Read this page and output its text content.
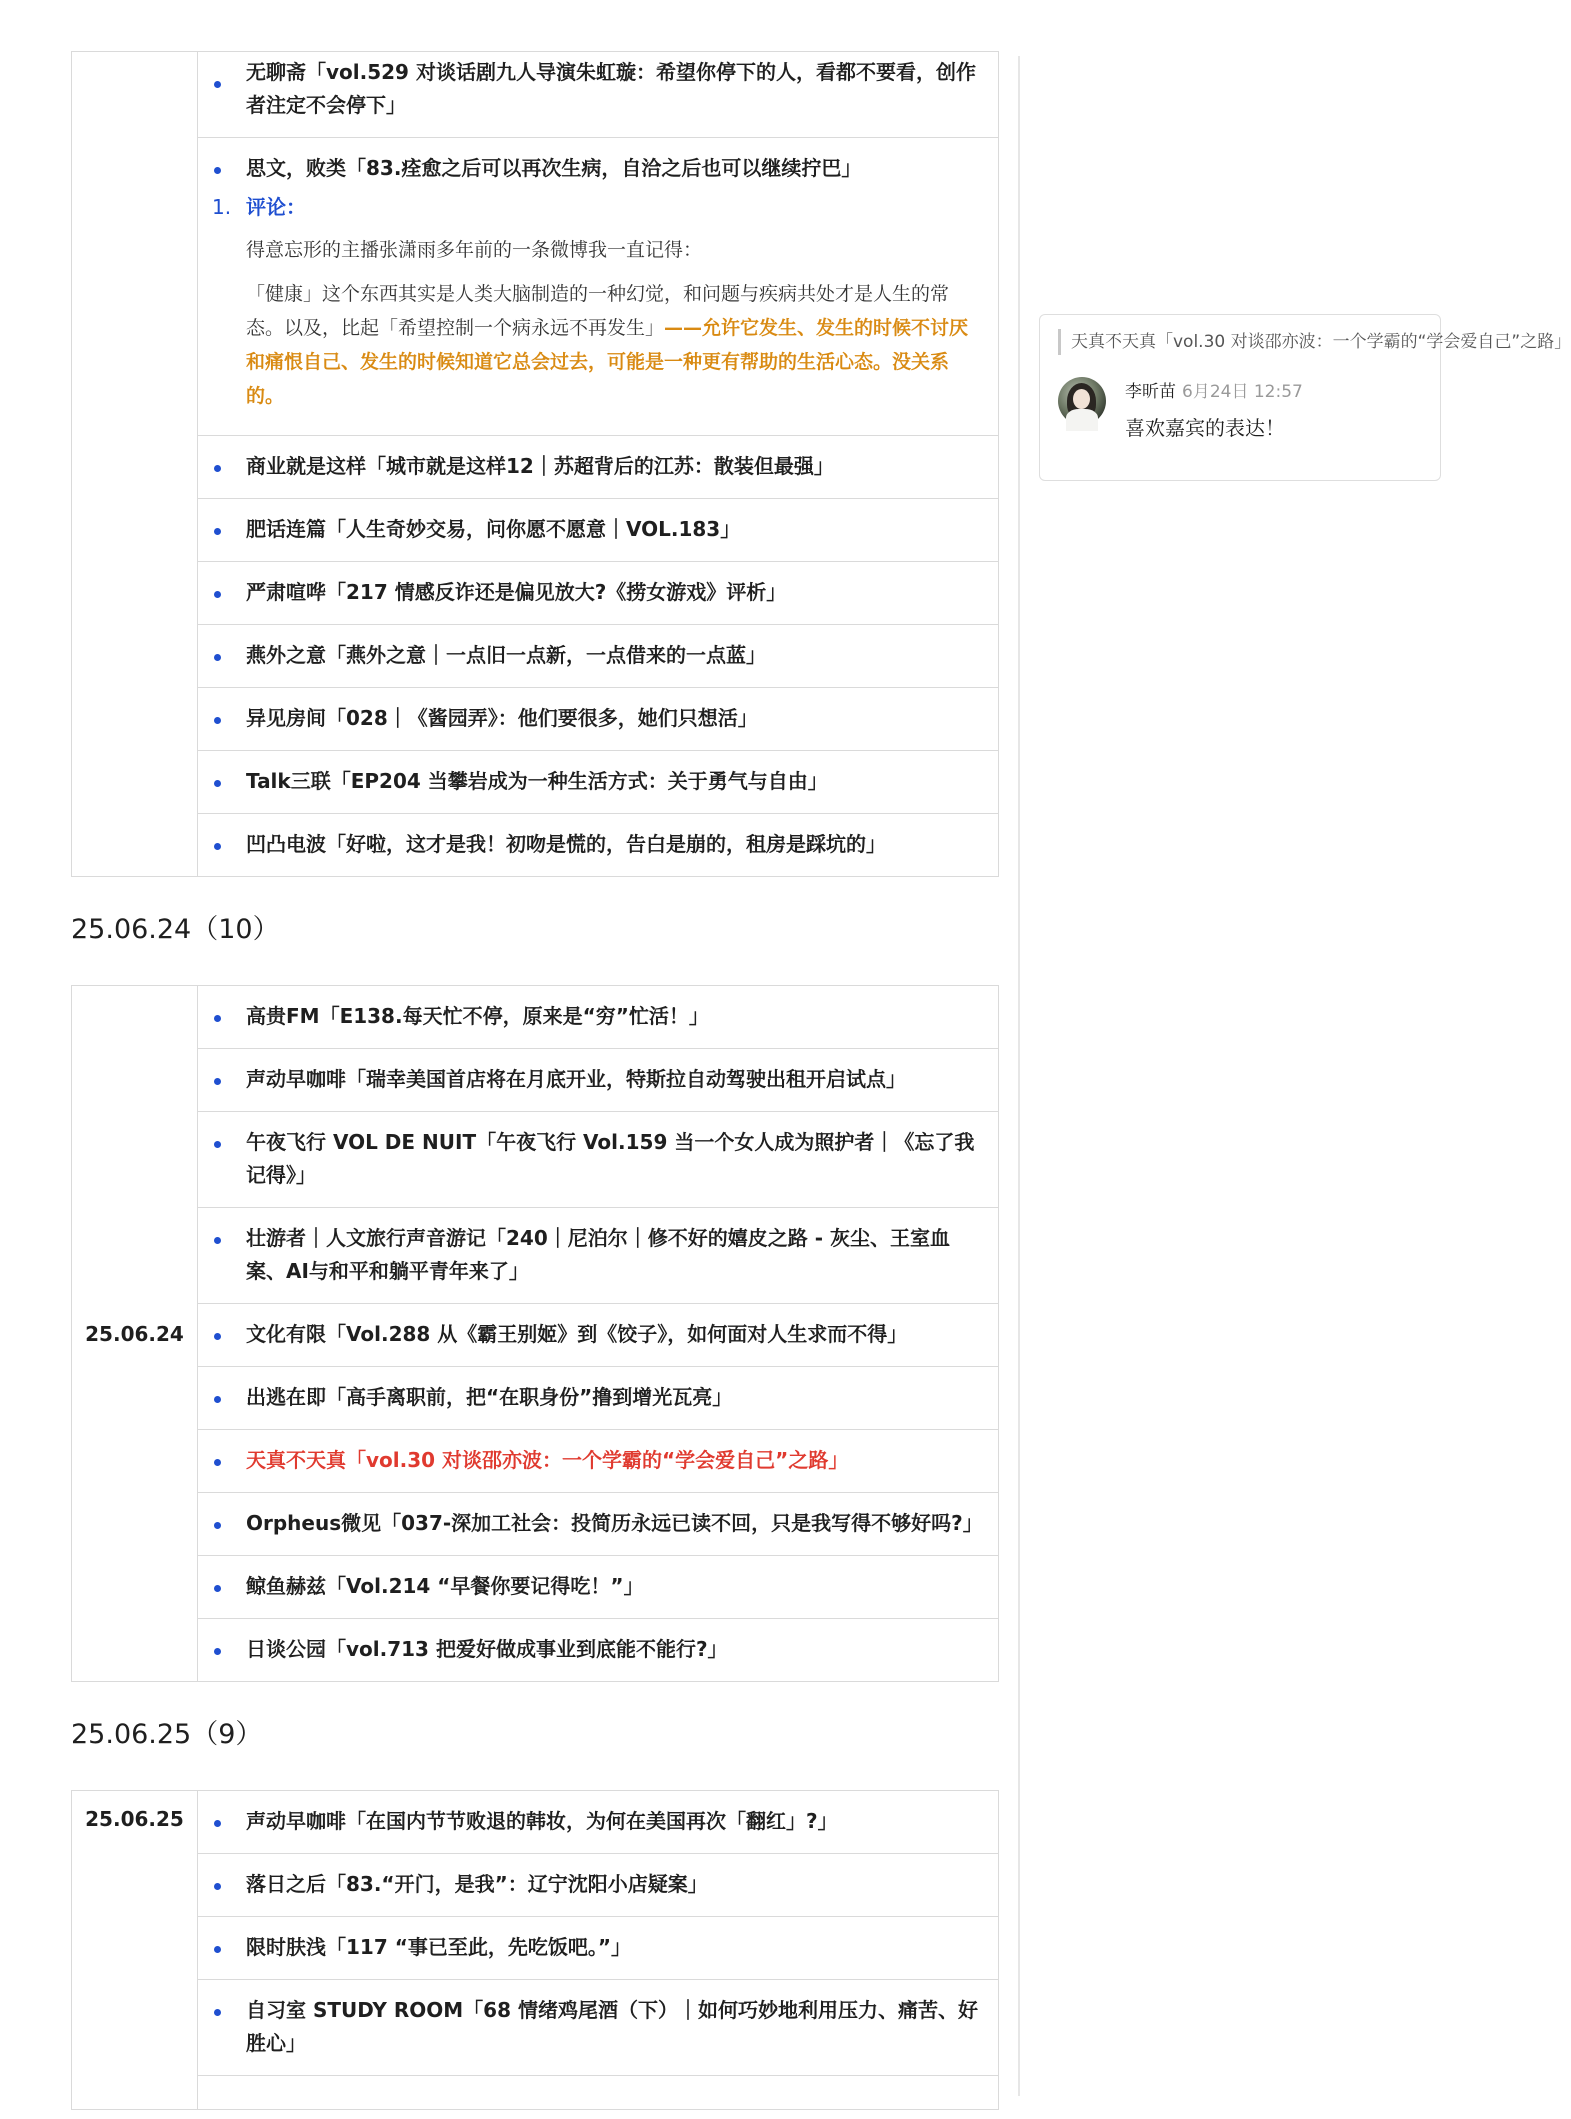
	无聊斋「vol.529 对谈话剧九人导演朱虹璇：希望你停下的人，看都不要看，创作者注定不会停下」

思文，败类「83.痊愈之后可以再次生病，自洽之后也可以继续拧巴」
1. 评论：
得意忘形的主播张潇雨多年前的一条微博我一直记得：
「健康」这个东西其实是人类大脑制造的一种幻觉，和问题与疾病共处才是人生的常态。以及，比起「希望控制一个病永远不再发生」——允许它发生、发生的时候不讨厌和痛恨自己、发生的时候知道它总会过去，可能是一种更有帮助的生活心态。没关系的。

商业就是这样「城市就是这样12｜苏超背后的江苏：散装但最强」
肥话连篇「人生奇妙交易，问你愿不愿意｜VOL.183」
严肃喧哗「217 情感反诈还是偏见放大?《捞女游戏》评析」
燕外之意「燕外之意｜一点旧一点新，一点借来的一点蓝」
异见房间「028｜《酱园弄》：他们要很多，她们只想活」
Talk三联「EP204 当攀岩成为一种生活方式：关于勇气与自由」
凹凸电波「好啦，这才是我！初吻是慌的，告白是崩的，租房是踩坑的」
25.06.24（10）
25.06.24	高贵FM「E138.每天忙不停，原来是“穷”忙活！」
声动早咖啡「瑞幸美国首店将在月底开业，特斯拉自动驾驶出租开启试点」
午夜飞行 VOL DE NUIT「午夜飞行 Vol.159 当一个女人成为照护者｜《忘了我记得》」
壮游者｜人文旅行声音游记「240｜尼泊尔｜修不好的嬉皮之路 - 灰尘、王室血案、AI与和平和躺平青年来了」
文化有限「Vol.288 从《霸王别姬》到《饺子》，如何面对人生求而不得」
出逃在即「高手离职前，把“在职身份”撸到增光瓦亮」
天真不天真「vol.30 对谈邵亦波：一个学霸的“学会爱自己”之路」
Orpheus微见「037-深加工社会：投简历永远已读不回，只是我写得不够好吗?」
鲸鱼赫兹「Vol.214 “早餐你要记得吃！”」
日谈公园「vol.713 把爱好做成事业到底能不能行?」
25.06.25（9）
25.06.25	声动早咖啡「在国内节节败退的韩妆，为何在美国再次「翻红」?」
落日之后「83.“开门，是我”：辽宁沈阳小店疑案」
限时肤浅「117 “事已至此，先吃饭吧。”」
自习室 STUDY ROOM「68 情绪鸡尾酒（下）｜如何巧妙地利用压力、痛苦、好胜心」

天真不天真「vol.30 对谈邵亦波：一个学霸的“学会爱自己”之路」
李昕苗 6月24日 12:57
喜欢嘉宾的表达！
